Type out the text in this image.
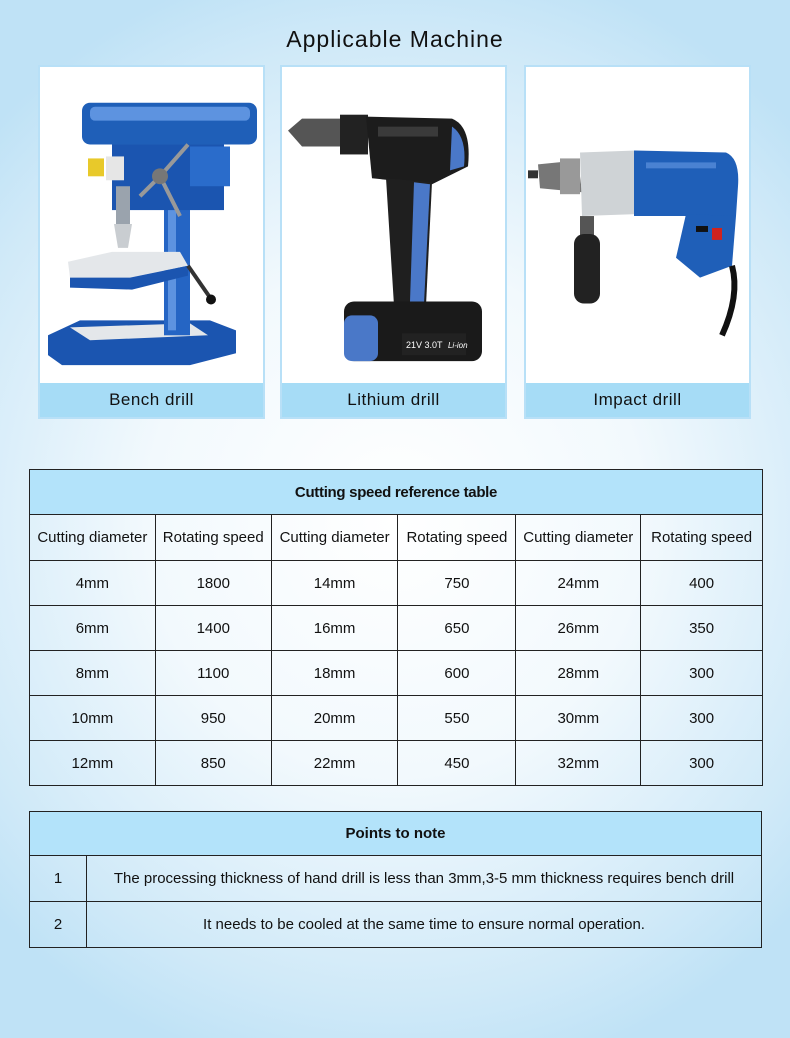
Applicable Machine
Bench drill
21V 3.0T Li-ion
Lithium drill	Impact drill
Cutting speed reference table					
Cutting diameter	Rotating speed	Cutting diameter	Rotating speed	Cutting diameter	Rotating speed
4mm	1800	14mm	750	24mm	400
6mm	1400	16mm	650	26mm	350
8mm	1100	18mm	600	28mm	300
10mm	950	20mm	550	30mm	300
12mm	850	22mm	450	32mm	300
Points to note	
1	The processing thickness of hand drill is less than 3mm,3-5 mm thickness requires bench drill
2	It needs to be cooled at the same time to ensure normal operation.
